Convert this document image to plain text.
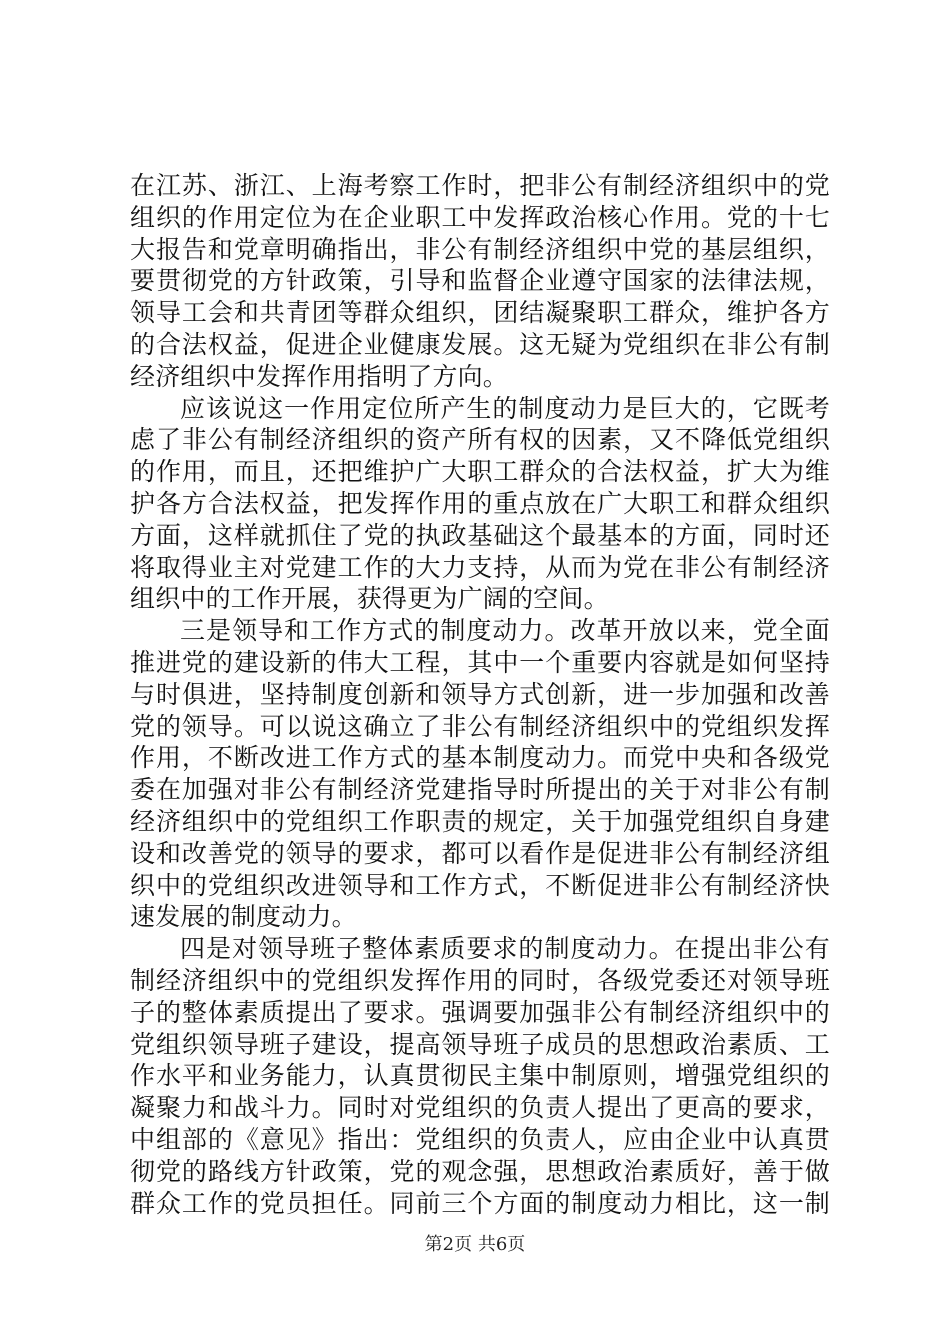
在江苏、浙江、上海考察工作时，把非公有制经济组织中的党
组织的作用定位为在企业职工中发挥政治核心作用。党的十七
大报告和党章明确指出，非公有制经济组织中党的基层组织，
要贯彻党的方针政策，引导和监督企业遵守国家的法律法规，
领导工会和共青团等群众组织，团结凝聚职工群众，维护各方
的合法权益，促进企业健康发展。这无疑为党组织在非公有制
经济组织中发挥作用指明了方向。
应该说这一作用定位所产生的制度动力是巨大的，它既考
虑了非公有制经济组织的资产所有权的因素，又不降低党组织
的作用，而且，还把维护广大职工群众的合法权益，扩大为维
护各方合法权益，把发挥作用的重点放在广大职工和群众组织
方面，这样就抓住了党的执政基础这个最基本的方面，同时还
将取得业主对党建工作的大力支持，从而为党在非公有制经济
组织中的工作开展，获得更为广阔的空间。
三是领导和工作方式的制度动力。改革开放以来，党全面
推进党的建设新的伟大工程，其中一个重要内容就是如何坚持
与时俱进，坚持制度创新和领导方式创新，进一步加强和改善
党的领导。可以说这确立了非公有制经济组织中的党组织发挥
作用，不断改进工作方式的基本制度动力。而党中央和各级党
委在加强对非公有制经济党建指导时所提出的关于对非公有制
经济组织中的党组织工作职责的规定，关于加强党组织自身建
设和改善党的领导的要求，都可以看作是促进非公有制经济组
织中的党组织改进领导和工作方式，不断促进非公有制经济快
速发展的制度动力。
四是对领导班子整体素质要求的制度动力。在提出非公有
制经济组织中的党组织发挥作用的同时，各级党委还对领导班
子的整体素质提出了要求。强调要加强非公有制经济组织中的
党组织领导班子建设，提高领导班子成员的思想政治素质、工
作水平和业务能力，认真贯彻民主集中制原则，增强党组织的
凝聚力和战斗力。同时对党组织的负责人提出了更高的要求，
中组部的《意见》指出：党组织的负责人，应由企业中认真贯
彻党的路线方针政策，党的观念强，思想政治素质好，善于做
群众工作的党员担任。同前三个方面的制度动力相比，这一制
第2页 共6页
